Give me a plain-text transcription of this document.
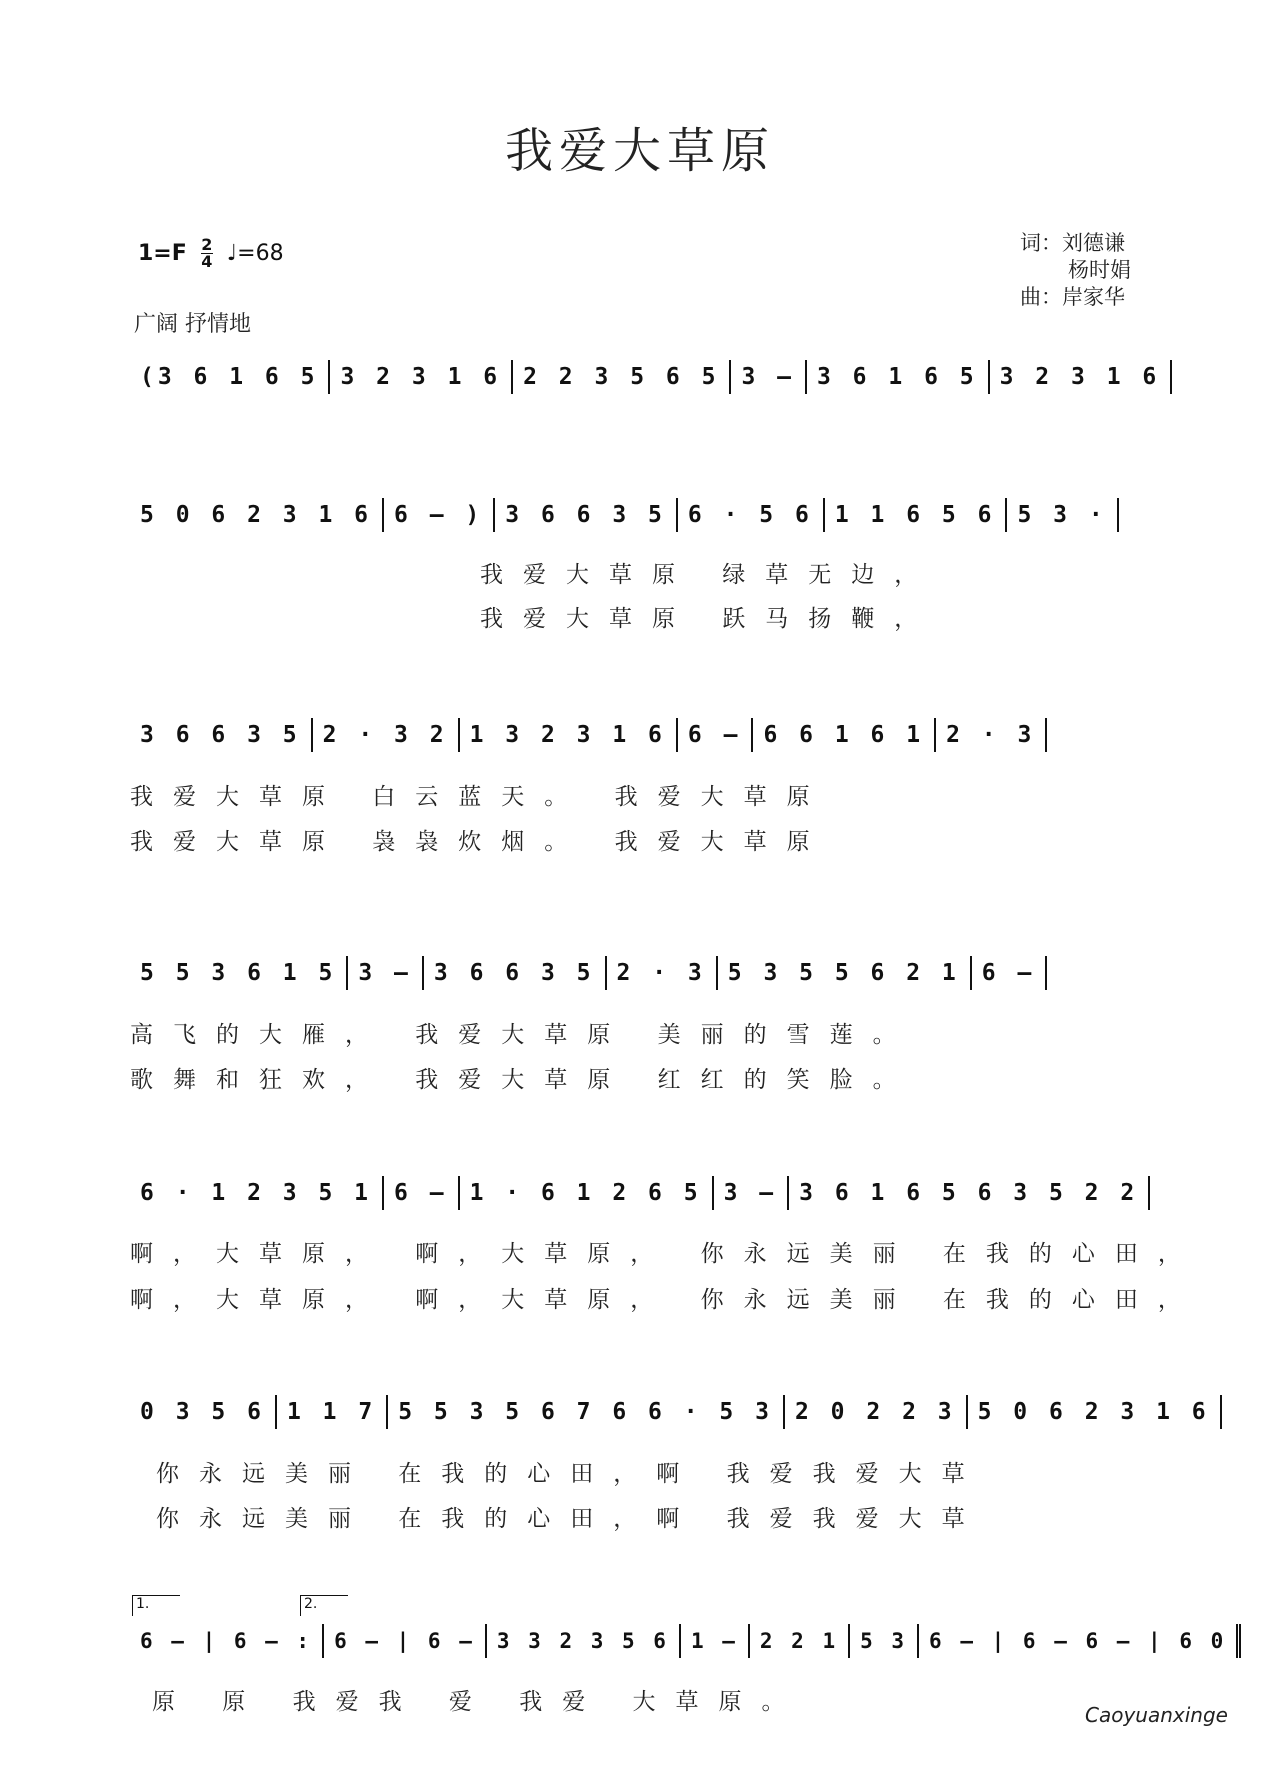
我爱大草原
1=F 2
4 ♩=68
广阔 抒情地
词：刘德谦
杨时娟
曲：岸家华
(3 6 1 6 5 3 2 3 1 6 2 2 3 5 6 5 3 – 3 6 1 6 5 3 2 3 1 6
5 0 6 2 3 1 6 6 – ) 3 6 6 3 5 6 · 5 6 1 1 6 5 6 5 3 ·
我爱大草原 绿草无边，
我爱大草原 跃马扬鞭，
3 6 6 3 5 2 · 3 2 1 3 2 3 1 6 6 – 6 6 1 6 1 2 · 3
我爱大草原 白云蓝天。 我爱大草原
我爱大草原 袅袅炊烟。 我爱大草原
5 5 3 6 1 5 3 – 3 6 6 3 5 2 · 3 5 3 5 5 6 2 1 6 –
高飞的大雁， 我爱大草原 美丽的雪莲。
歌舞和狂欢， 我爱大草原 红红的笑脸。
6 · 1 2 3 5 1 6 – 1 · 6 1 2 6 5 3 – 3 6 1 6 5 6 3 5 2 2
啊，大草原， 啊，大草原， 你永远美丽 在我的心田，
啊，大草原， 啊，大草原， 你永远美丽 在我的心田，
0 3 5 6 1 1 7 5 5 3 5 6 7 6 6 · 5 3 2 0 2 2 3 5 0 6 2 3 1 6
你永远美丽 在我的心田，啊 我爱我爱大草
你永远美丽 在我的心田，啊 我爱我爱大草
1.	2.
6 – | 6 – :	6 – | 6 –	3 3 2 3 5 6	1 –	2 2 1	5 3	6 – | 6 – 6 – | 6 0
原 原 我爱我 爱 我爱 大草原。	Caoyuanxinge
